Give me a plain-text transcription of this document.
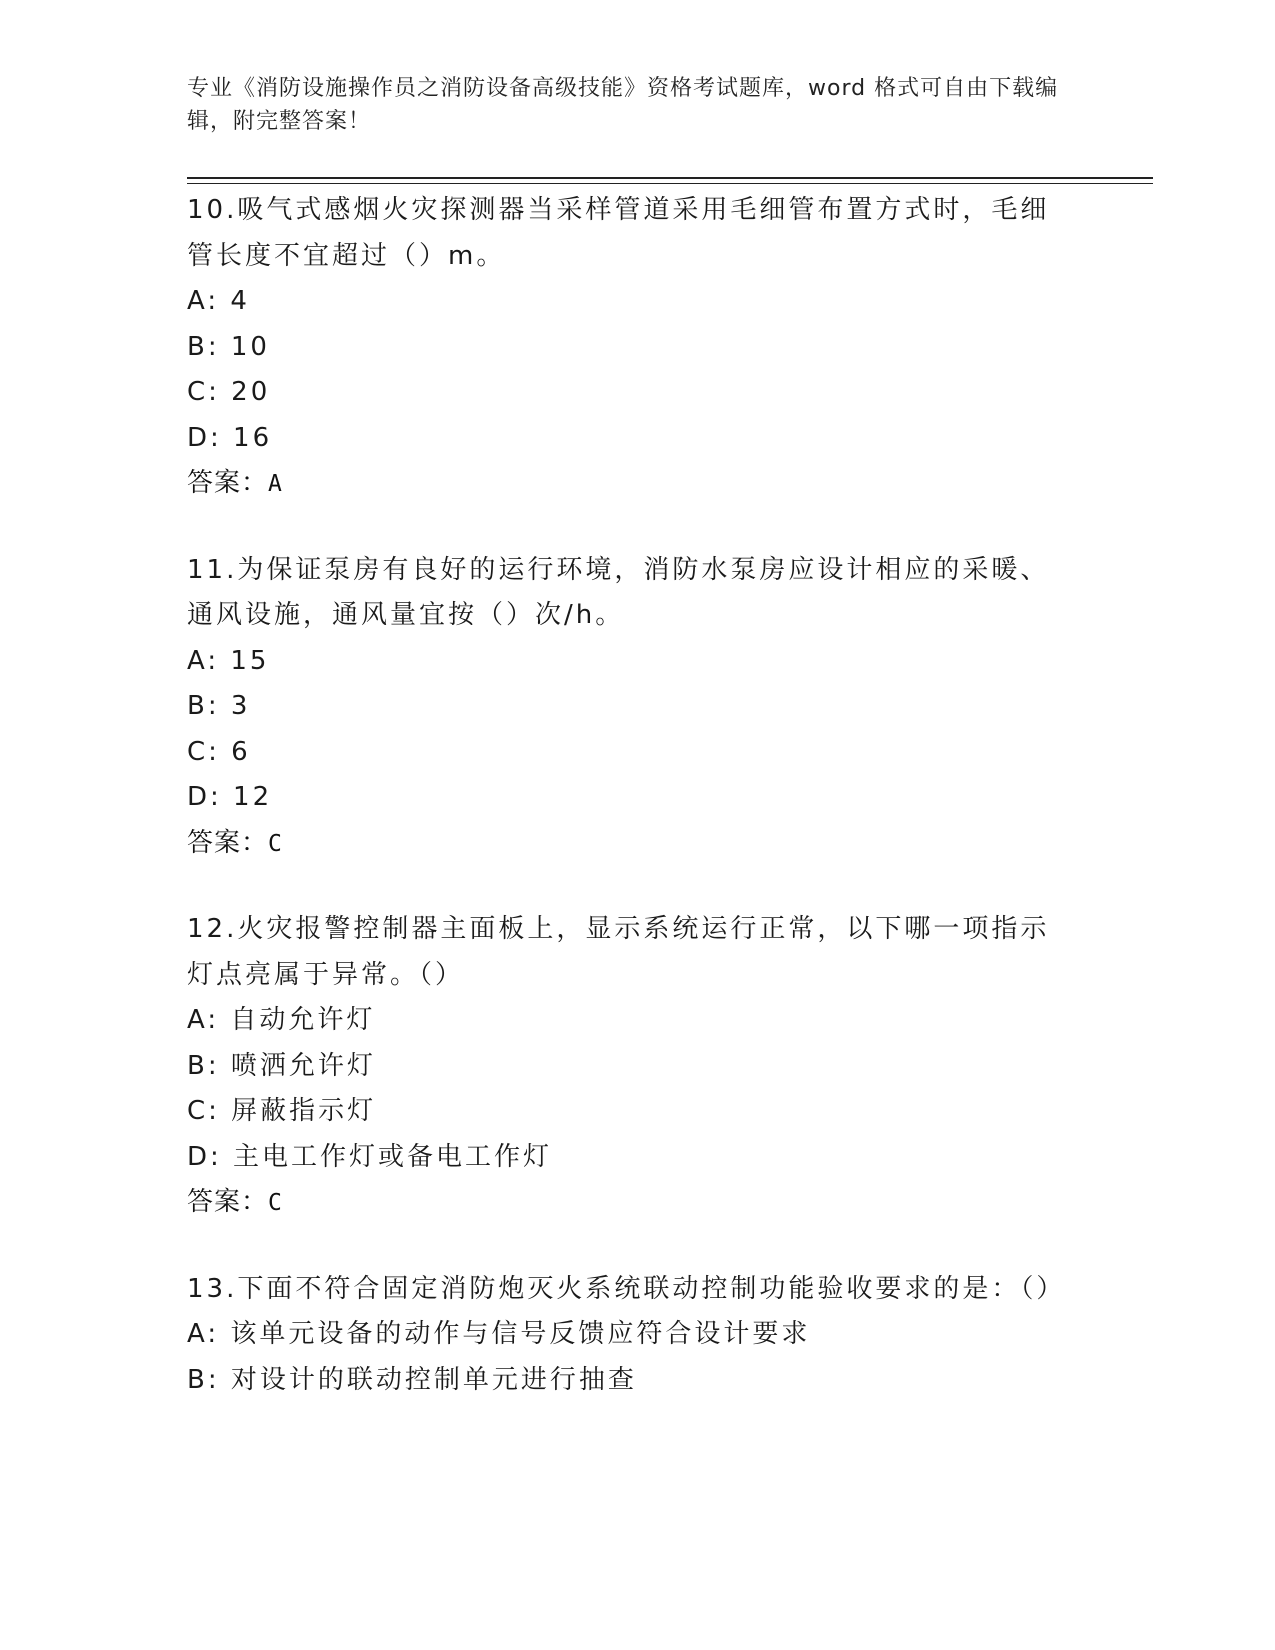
专业《消防设施操作员之消防设备高级技能》资格考试题库，word 格式可自由下载编辑，附完整答案！
10.吸气式感烟火灾探测器当采样管道采用毛细管布置方式时，毛细管长度不宜超过（）m。
A: 4
B: 10
C: 20
D: 16
答案：A
11.为保证泵房有良好的运行环境，消防水泵房应设计相应的采暖、通风设施，通风量宜按（）次/h。
A: 15
B: 3
C: 6
D: 12
答案：C
12.火灾报警控制器主面板上，显示系统运行正常，以下哪一项指示灯点亮属于异常。（）
A: 自动允许灯
B: 喷洒允许灯
C: 屏蔽指示灯
D: 主电工作灯或备电工作灯
答案：C
13.下面不符合固定消防炮灭火系统联动控制功能验收要求的是：（）
A: 该单元设备的动作与信号反馈应符合设计要求
B: 对设计的联动控制单元进行抽查
